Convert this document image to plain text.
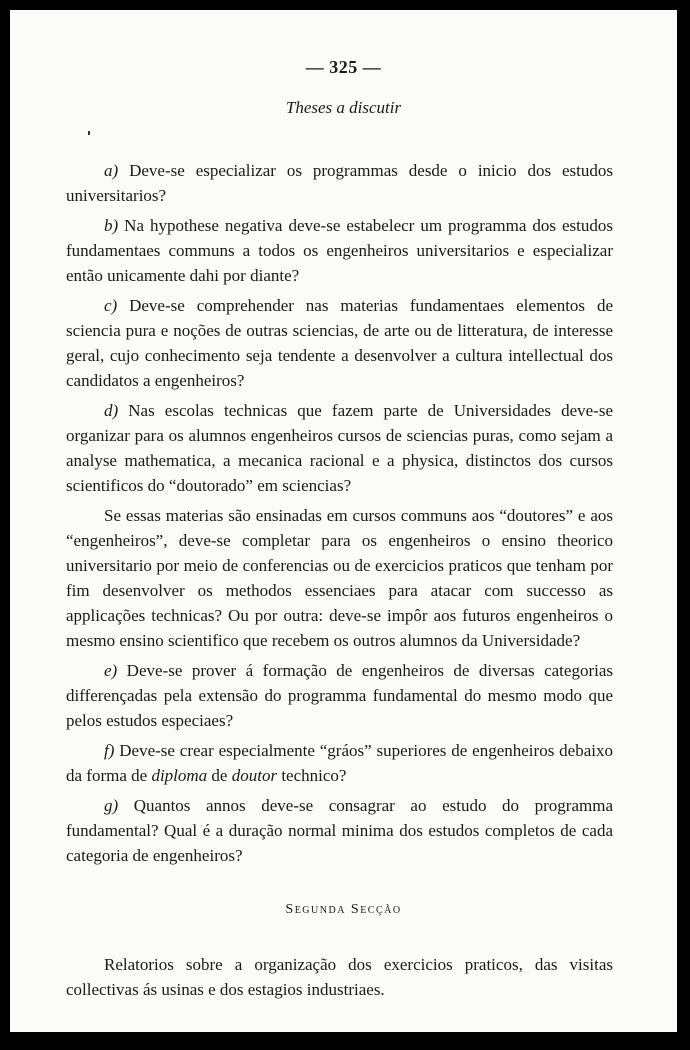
— 325 —
Theses a discutir

a) Deve-se especializar os programmas desde o inicio dos estudos universitarios?

b) Na hypothese negativa deve-se estabelecr um programma dos estudos fundamentaes communs a todos os engenheiros universitarios e especializar então unicamente dahi por diante?

c) Deve-se comprehender nas materias fundamentaes elementos de sciencia pura e noções de outras sciencias, de arte ou de litteratura, de interesse geral, cujo conhecimento seja tendente a desenvolver a cultura intellectual dos candidatos a engenheiros?

d) Nas escolas technicas que fazem parte de Universidades deve-se organizar para os alumnos engenheiros cursos de sciencias puras, como sejam a analyse mathematica, a mecanica racional e a physica, distinctos dos cursos scientificos do “doutorado” em sciencias?

Se essas materias são ensinadas em cursos communs aos “doutores” e aos “engenheiros”, deve-se completar para os engenheiros o ensino theorico universitario por meio de conferencias ou de exercicios praticos que tenham por fim desenvolver os methodos essenciaes para atacar com successo as applicações technicas? Ou por outra: deve-se impôr aos futuros engenheiros o mesmo ensino scientifico que recebem os outros alumnos da Universidade?

e) Deve-se prover á formação de engenheiros de diversas categorias differençadas pela extensão do programma fundamental do mesmo modo que pelos estudos especiaes?

f) Deve-se crear especialmente “gráos” superiores de engenheiros debaixo da forma de diploma de doutor technico?

g) Quantos annos deve-se consagrar ao estudo do programma fundamental? Qual é a duração normal minima dos estudos completos de cada categoria de engenheiros?

Segunda Secção

Relatorios sobre a organização dos exercicios praticos, das visitas collectivas ás usinas e dos estagios industriaes.
